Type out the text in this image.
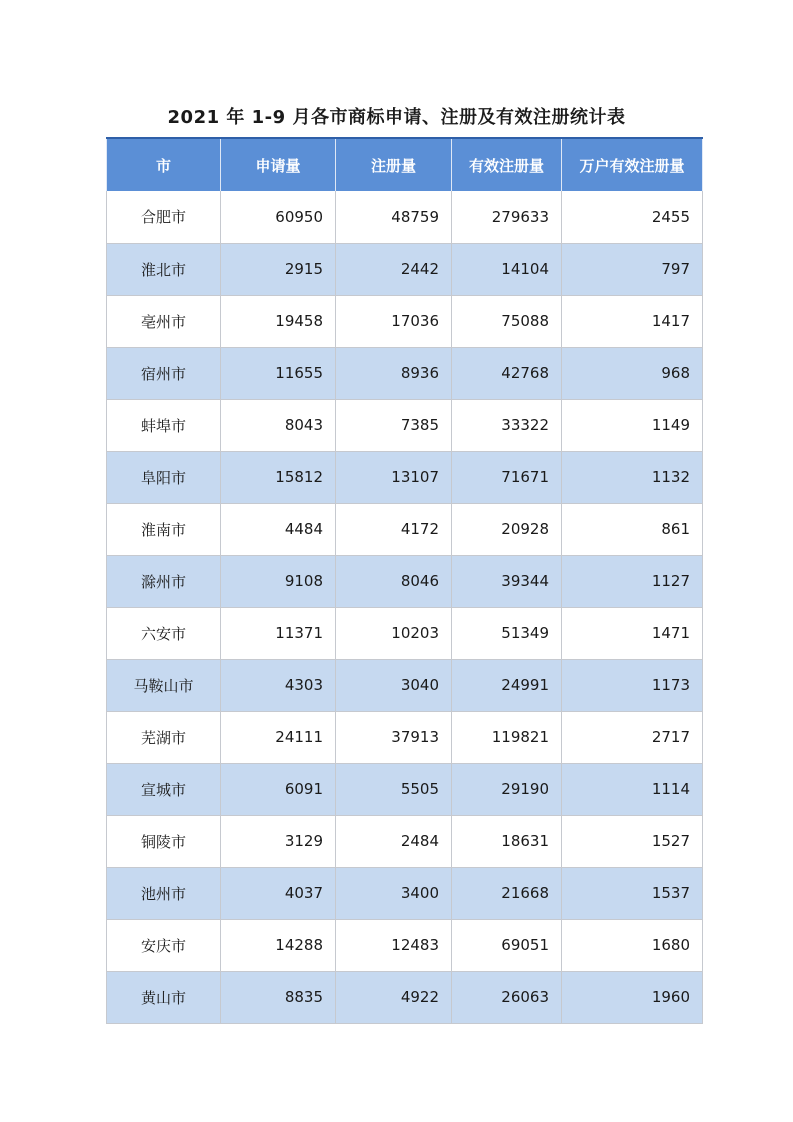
2021 年 1-9 月各市商标申请、注册及有效注册统计表
市	申请量	注册量	有效注册量	万户有效注册量
合肥市	60950	48759	279633	2455
淮北市	2915	2442	14104	797
亳州市	19458	17036	75088	1417
宿州市	11655	8936	42768	968
蚌埠市	8043	7385	33322	1149
阜阳市	15812	13107	71671	1132
淮南市	4484	4172	20928	861
滁州市	9108	8046	39344	1127
六安市	11371	10203	51349	1471
马鞍山市	4303	3040	24991	1173
芜湖市	24111	37913	119821	2717
宣城市	6091	5505	29190	1114
铜陵市	3129	2484	18631	1527
池州市	4037	3400	21668	1537
安庆市	14288	12483	69051	1680
黄山市	8835	4922	26063	1960
